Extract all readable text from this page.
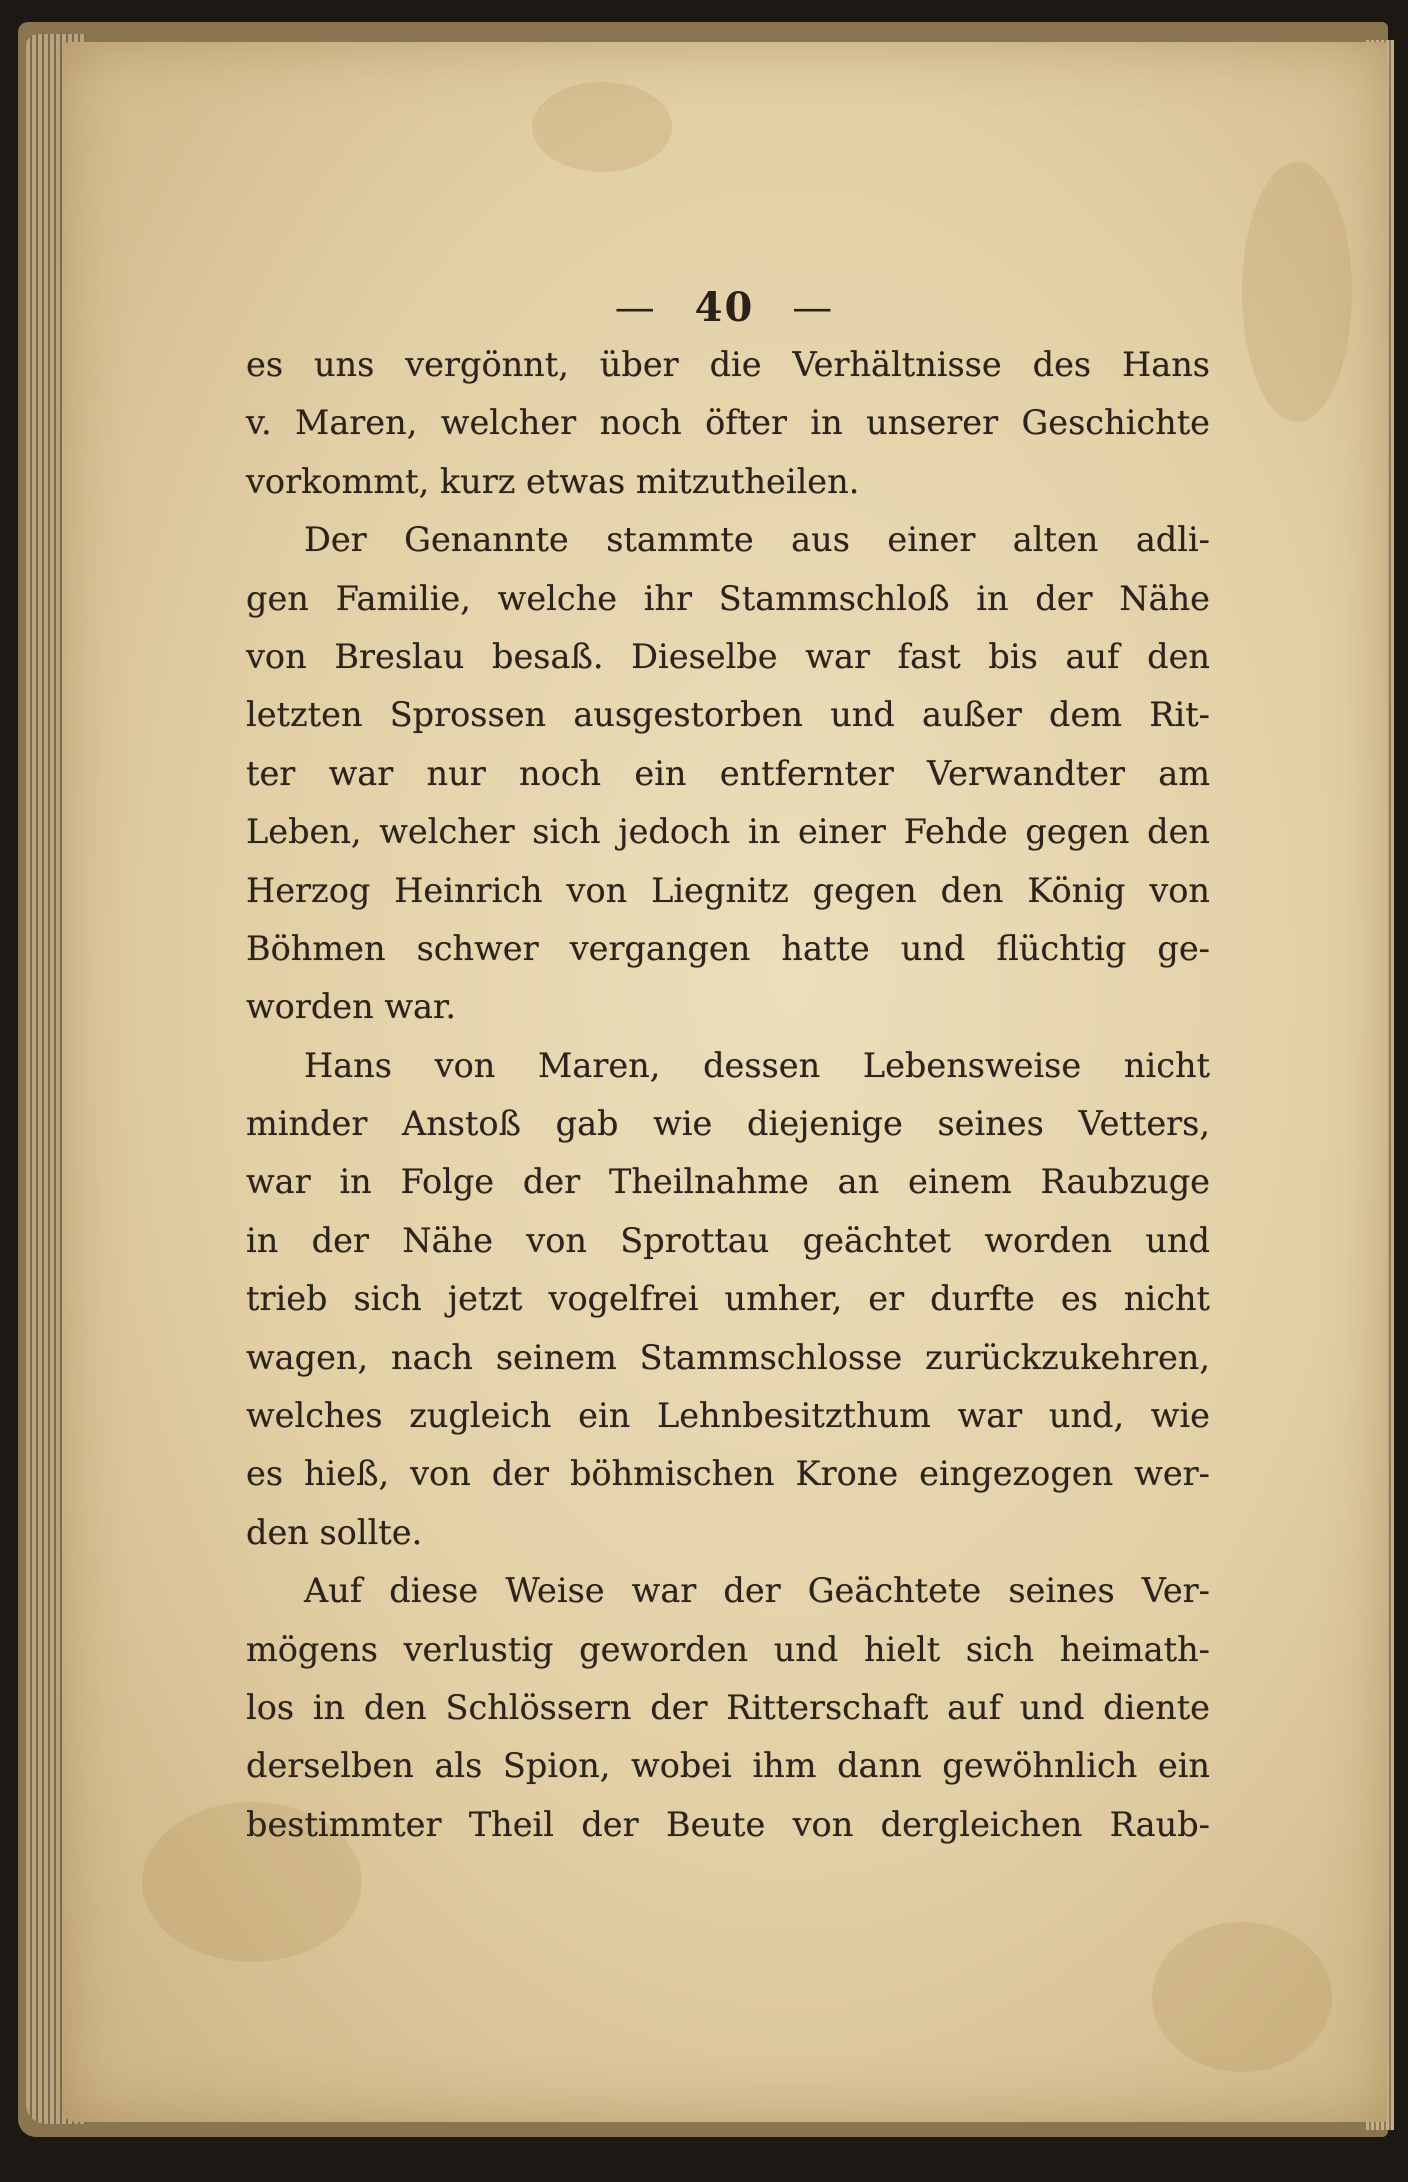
— 40 —
es uns vergönnt, über die Verhältnisse des Hans
v. Maren, welcher noch öfter in unserer Geschichte
vorkommt, kurz etwas mitzutheilen.
Der Genannte stammte aus einer alten adli-
gen Familie, welche ihr Stammschloß in der Nähe
von Breslau besaß. Dieselbe war fast bis auf den
letzten Sprossen ausgestorben und außer dem Rit-
ter war nur noch ein entfernter Verwandter am
Leben, welcher sich jedoch in einer Fehde gegen den
Herzog Heinrich von Liegnitz gegen den König von
Böhmen schwer vergangen hatte und flüchtig ge-
worden war.
Hans von Maren, dessen Lebensweise nicht
minder Anstoß gab wie diejenige seines Vetters,
war in Folge der Theilnahme an einem Raubzuge
in der Nähe von Sprottau geächtet worden und
trieb sich jetzt vogelfrei umher, er durfte es nicht
wagen, nach seinem Stammschlosse zurückzukehren,
welches zugleich ein Lehnbesitzthum war und, wie
es hieß, von der böhmischen Krone eingezogen wer-
den sollte.
Auf diese Weise war der Geächtete seines Ver-
mögens verlustig geworden und hielt sich heimath-
los in den Schlössern der Ritterschaft auf und diente
derselben als Spion, wobei ihm dann gewöhnlich ein
bestimmter Theil der Beute von dergleichen Raub-
